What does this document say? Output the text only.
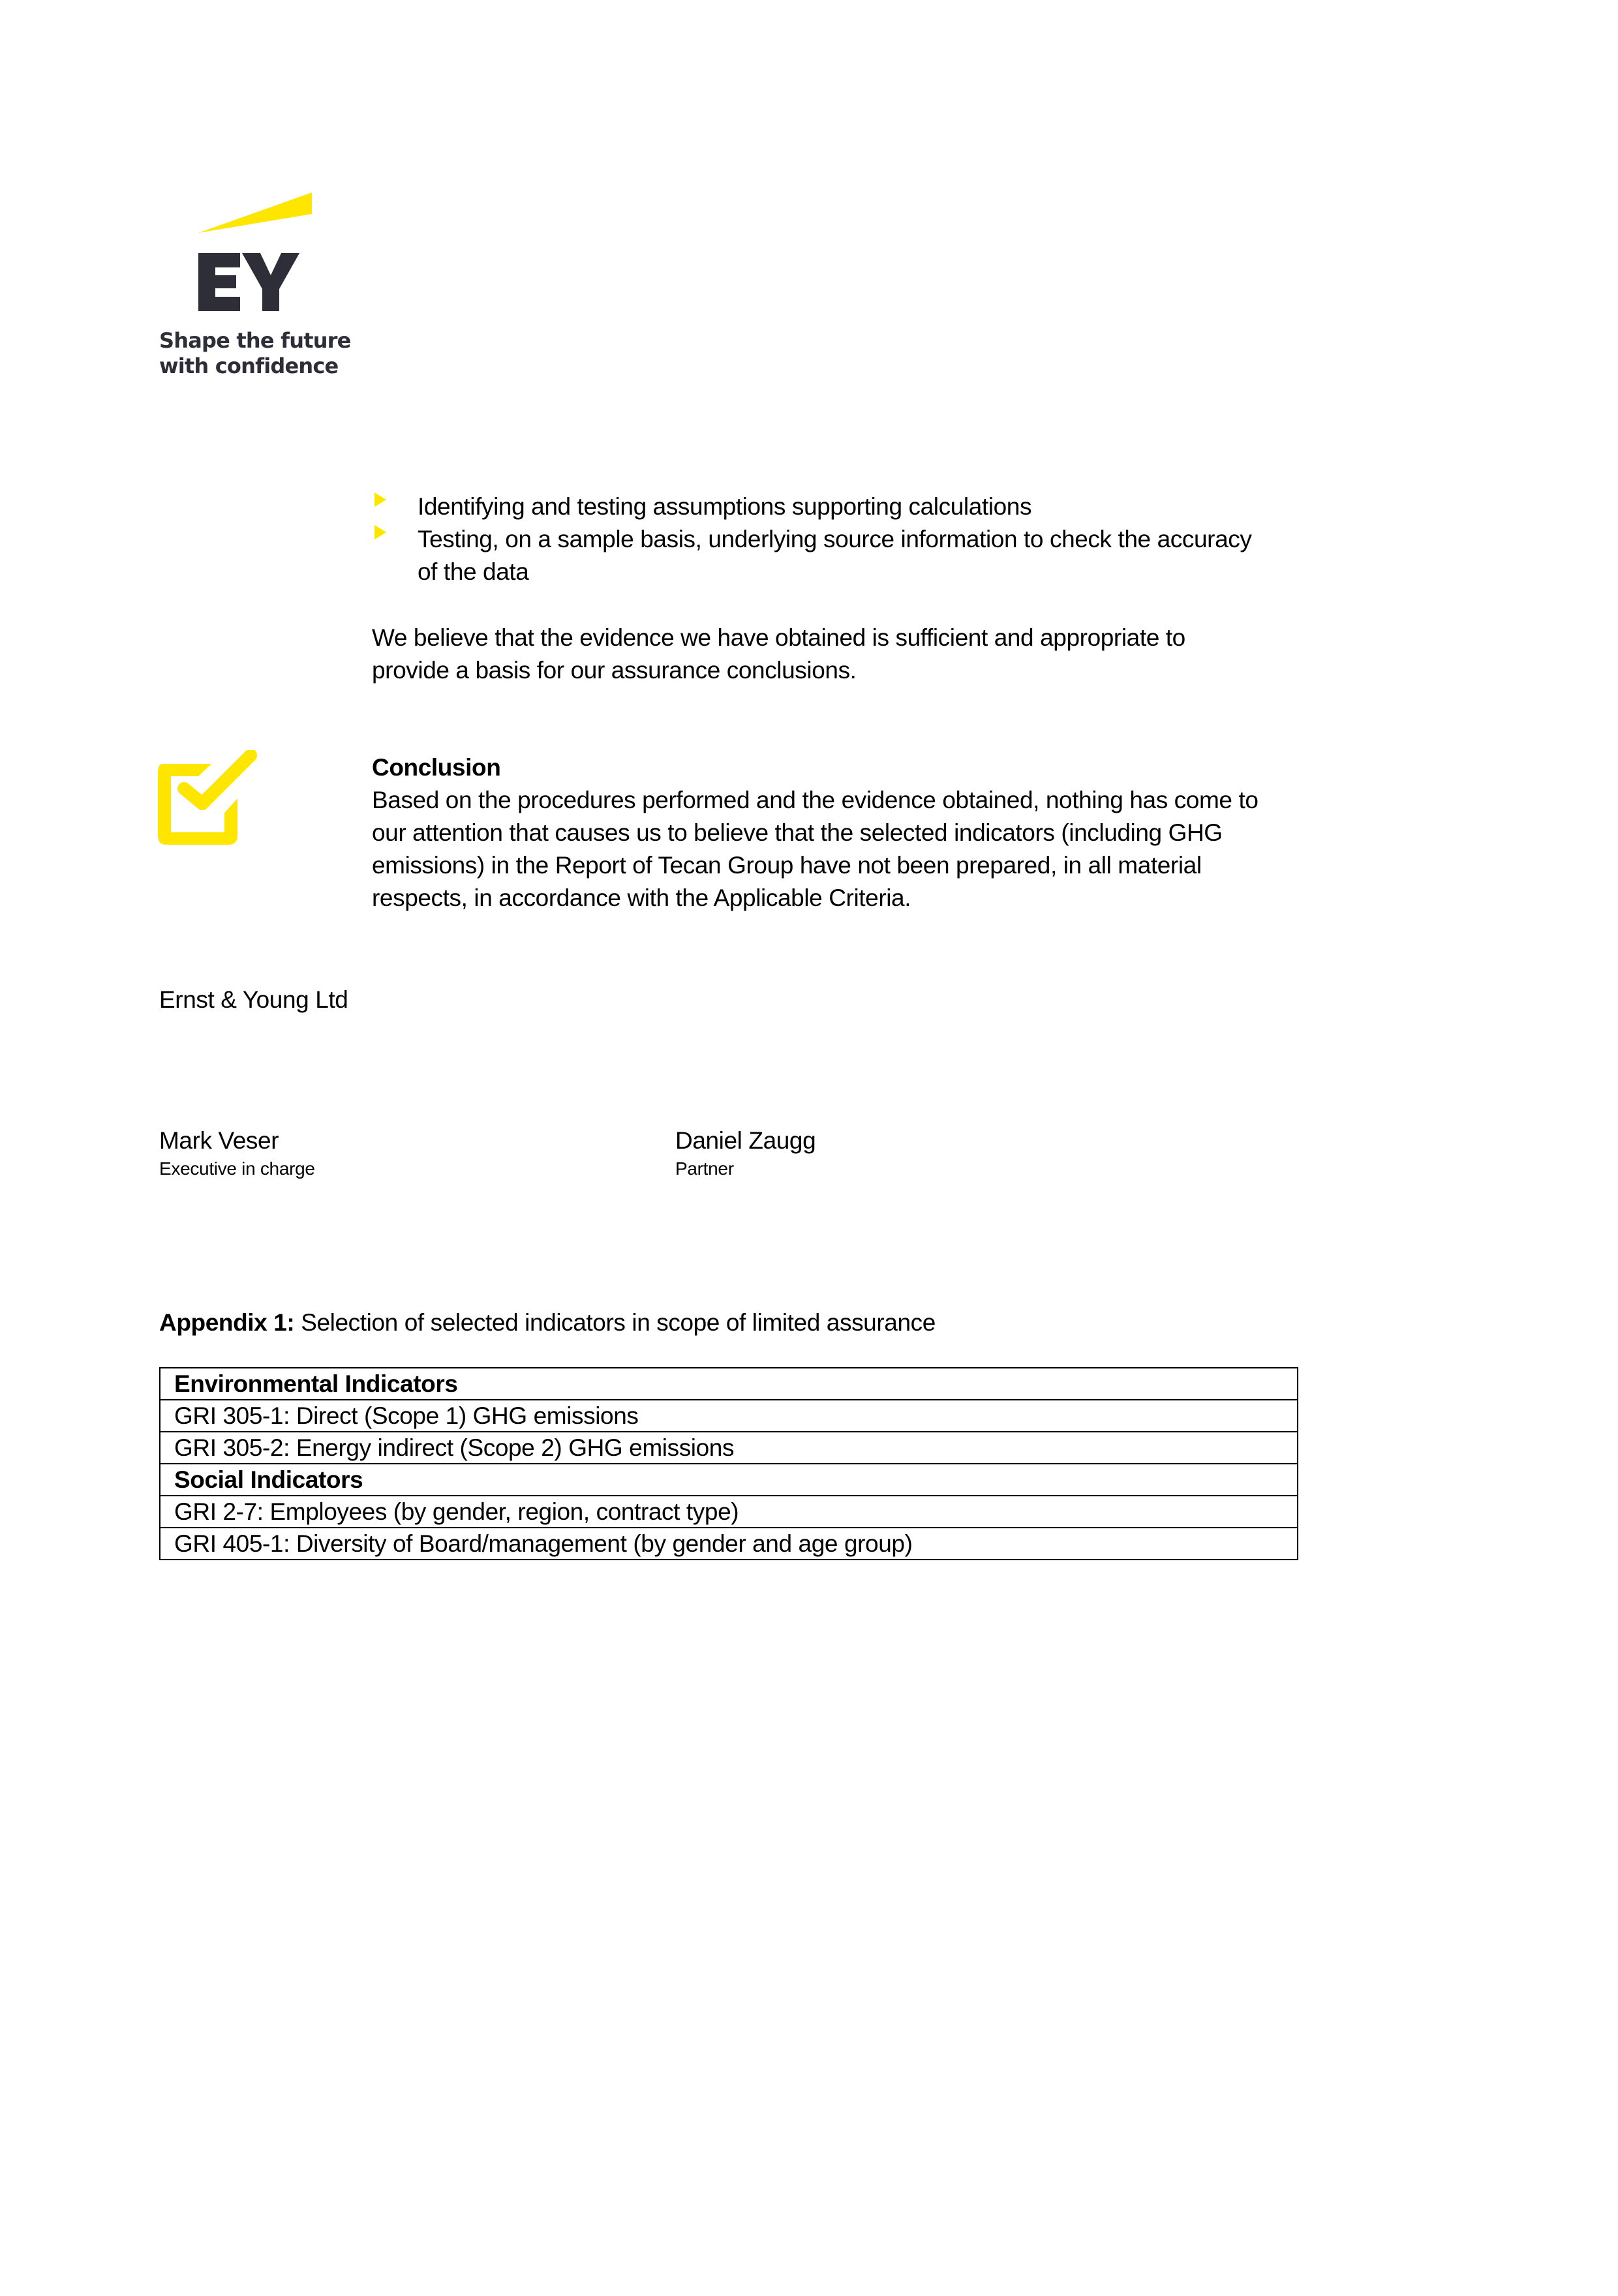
Shape the future
with confidence
Identifying and testing assumptions supporting calculations
Testing, on a sample basis, underlying source information to check the accuracy
of the data
We believe that the evidence we have obtained is sufficient and appropriate to
provide a basis for our assurance conclusions.
Conclusion
Based on the procedures performed and the evidence obtained, nothing has come to
our attention that causes us to believe that the selected indicators (including GHG
emissions) in the Report of Tecan Group have not been prepared, in all material
respects, in accordance with the Applicable Criteria.
Ernst & Young Ltd
Mark Veser
Executive in charge
Daniel Zaugg
Partner
Appendix 1: Selection of selected indicators in scope of limited assurance
Environmental Indicators
GRI 305-1: Direct (Scope 1) GHG emissions
GRI 305-2: Energy indirect (Scope 2) GHG emissions
Social Indicators
GRI 2-7: Employees (by gender, region, contract type)
GRI 405-1: Diversity of Board/management (by gender and age group)
